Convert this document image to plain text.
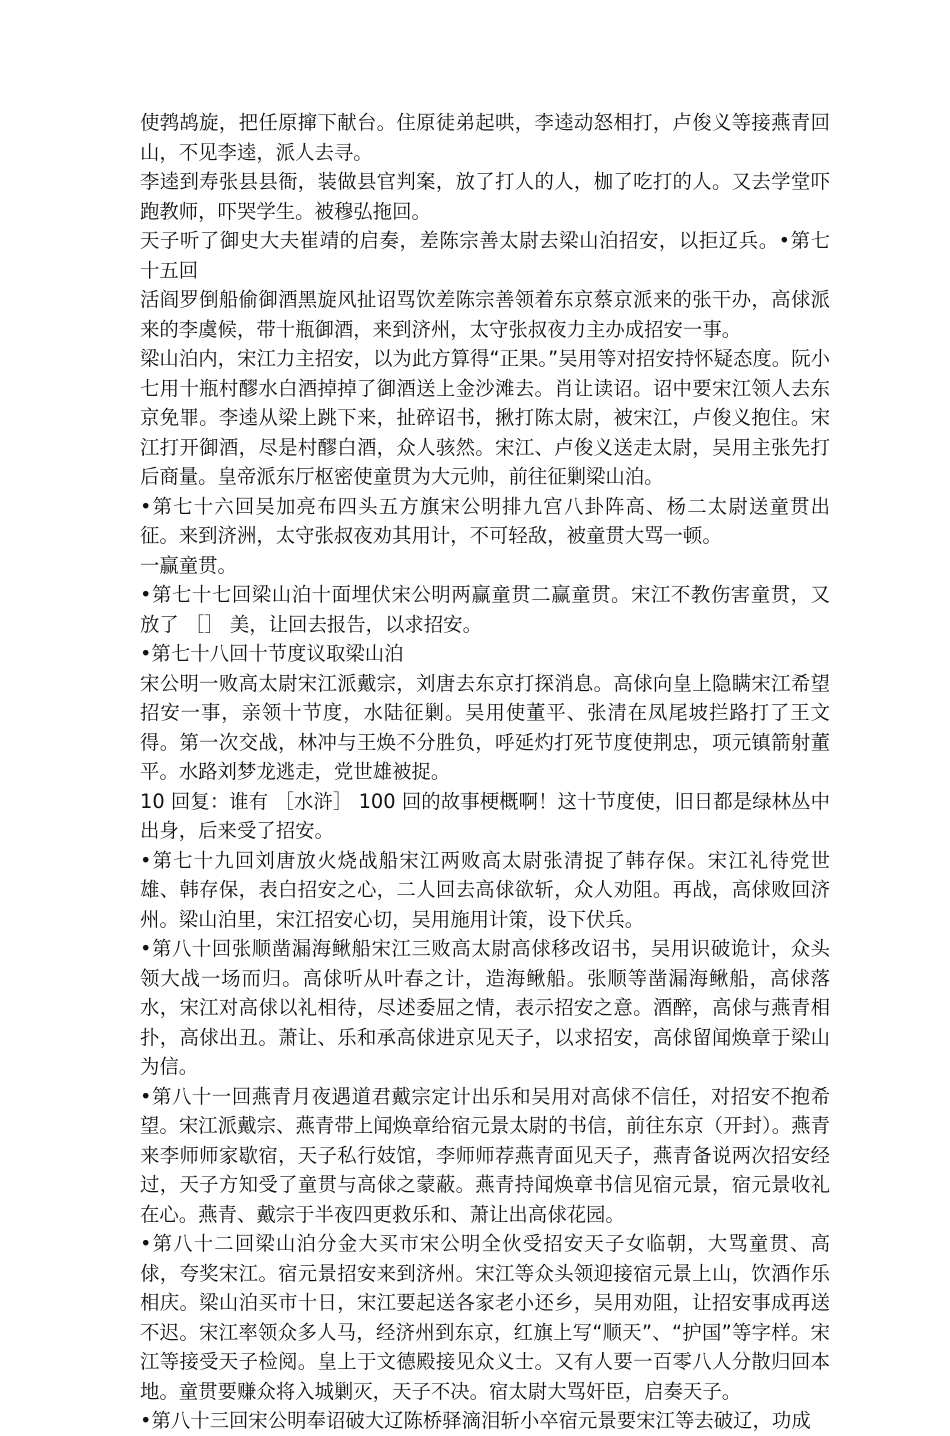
使鹁鸪旋，把任原撺下献台。住原徒弟起哄，李逵动怒相打，卢俊义等接燕青回山，不见李逵，派人去寻。

李逵到寿张县县衙，装做县官判案，放了打人的人，枷了吃打的人。又去学堂吓跑教师，吓哭学生。被穆弘拖回。

天子听了御史大夫崔靖的启奏，差陈宗善太尉去梁山泊招安，以拒辽兵。•第七十五回

活阎罗倒船偷御酒黑旋风扯诏骂饮差陈宗善领着东京蔡京派来的张干办，高俅派来的李虞候，带十瓶御酒，来到济州，太守张叔夜力主办成招安一事。

梁山泊内，宋江力主招安，以为此方算得“正果。”吴用等对招安持怀疑态度。阮小七用十瓶村醪水白酒掉掉了御酒送上金沙滩去。肖让读诏。诏中要宋江领人去东京免罪。李逵从梁上跳下来，扯碎诏书，揪打陈太尉，被宋江，卢俊义抱住。宋江打开御酒，尽是村醪白酒，众人骇然。宋江、卢俊义送走太尉，吴用主张先打后商量。皇帝派东厅枢密使童贯为大元帅，前往征剿梁山泊。

•第七十六回吴加亮布四头五方旗宋公明排九宫八卦阵高、杨二太尉送童贯出征。来到济洲，太守张叔夜劝其用计，不可轻敌，被童贯大骂一顿。

一赢童贯。

•第七十七回梁山泊十面埋伏宋公明两赢童贯二赢童贯。宋江不教伤害童贯，又放了 ［］ 美，让回去报告，以求招安。

•第七十八回十节度议取梁山泊

宋公明一败高太尉宋江派戴宗，刘唐去东京打探消息。高俅向皇上隐瞒宋江希望招安一事，亲领十节度，水陆征剿。吴用使董平、张清在凤尾坡拦路打了王文得。第一次交战，林冲与王焕不分胜负，呼延灼打死节度使荆忠，项元镇箭射董平。水路刘梦龙逃走，党世雄被捉。

10 回复：谁有 ［水浒］ 100 回的故事梗概啊！这十节度使，旧日都是绿林丛中出身，后来受了招安。

•第七十九回刘唐放火烧战船宋江两败高太尉张清捉了韩存保。宋江礼待党世雄、韩存保，表白招安之心，二人回去高俅欲斩，众人劝阻。再战，高俅败回济州。梁山泊里，宋江招安心切，吴用施用计策，设下伏兵。

•第八十回张顺凿漏海鳅船宋江三败高太尉高俅移改诏书，吴用识破诡计，众头领大战一场而归。高俅听从叶春之计，造海鳅船。张顺等凿漏海鳅船，高俅落水，宋江对高俅以礼相待，尽述委屈之情，表示招安之意。酒醉，高俅与燕青相扑，高俅出丑。萧让、乐和承高俅进京见天子，以求招安，高俅留闻焕章于梁山为信。

•第八十一回燕青月夜遇道君戴宗定计出乐和吴用对高俅不信任，对招安不抱希望。宋江派戴宗、燕青带上闻焕章给宿元景太尉的书信，前往东京（开封）。燕青来李师师家歇宿，天子私行妓馆，李师师荐燕青面见天子，燕青备说两次招安经过，天子方知受了童贯与高俅之蒙蔽。燕青持闻焕章书信见宿元景，宿元景收礼在心。燕青、戴宗于半夜四更救乐和、萧让出高俅花园。

•第八十二回梁山泊分金大买市宋公明全伙受招安天子女临朝，大骂童贯、高俅，夸奖宋江。宿元景招安来到济州。宋江等众头领迎接宿元景上山，饮酒作乐相庆。梁山泊买市十日，宋江要起送各家老小还乡，吴用劝阻，让招安事成再送不迟。宋江率领众多人马，经济州到东京，红旗上写“顺天”、“护国”等字样。宋江等接受天子检阅。皇上于文德殿接见众义士。又有人要一百零八人分散归回本地。童贯要赚众将入城剿灭，天子不决。宿太尉大骂奸臣，启奏天子。

•第八十三回宋公明奉诏破大辽陈桥驿滴泪斩小卒宿元景要宋江等去破辽，功成
